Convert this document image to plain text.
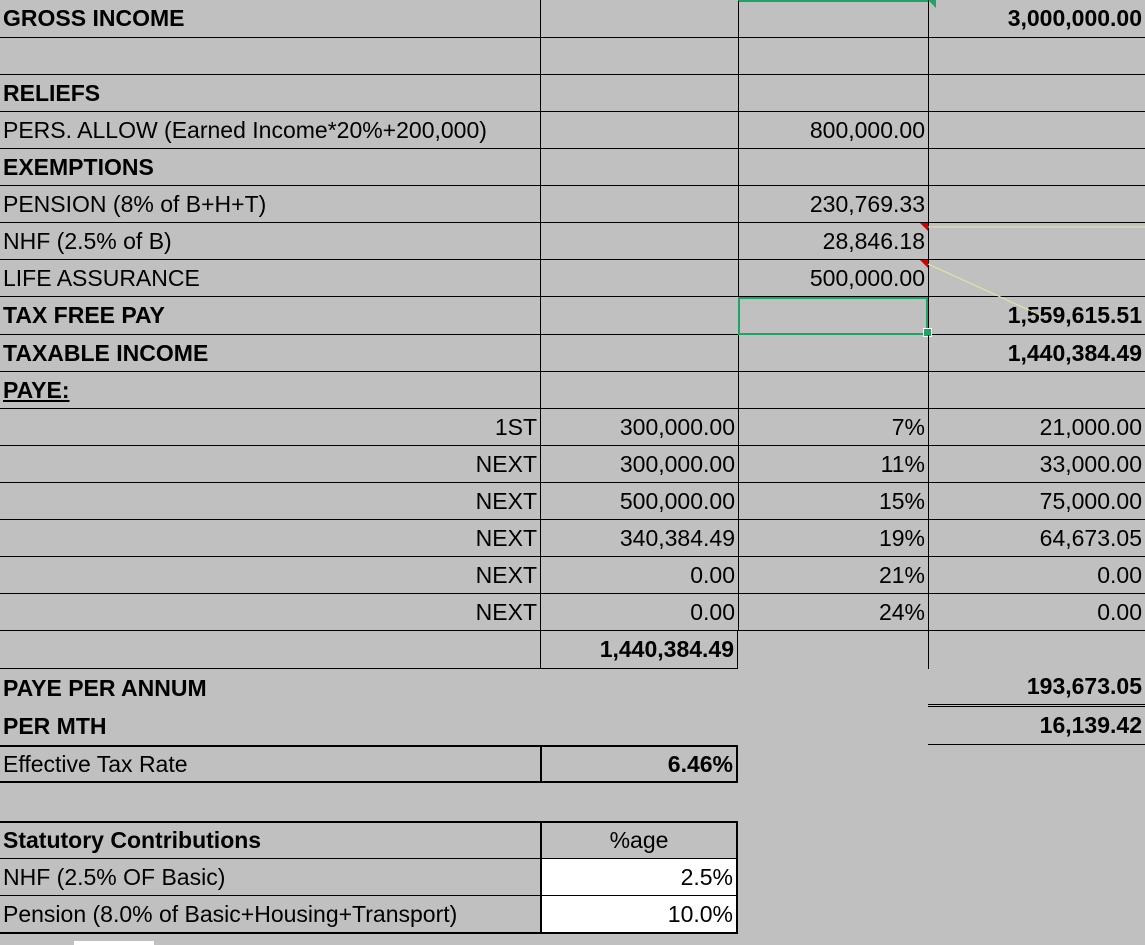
GROSS INCOME	3,000,000.00
RELIEFS
PERS. ALLOW (Earned Income*20%+200,000)	800,000.00
EXEMPTIONS
PENSION (8% of B+H+T)	230,769.33
NHF (2.5% of B)	28,846.18
LIFE ASSURANCE	500,000.00
TAX FREE PAY	1,559,615.51
TAXABLE INCOME	1,440,384.49
PAYE:
1ST	300,000.00	7%	21,000.00
NEXT	300,000.00	11%	33,000.00
NEXT	500,000.00	15%	75,000.00
NEXT	340,384.49	19%	64,673.05
NEXT	0.00	21%	0.00
NEXT	0.00	24%	0.00
1,440,384.49
PAYE PER ANNUM	193,673.05
PER MTH	16,139.42
Effective Tax Rate	6.46%
Statutory Contributions	%age
NHF (2.5% OF Basic)	2.5%
Pension (8.0% of Basic+Housing+Transport)	10.0%
